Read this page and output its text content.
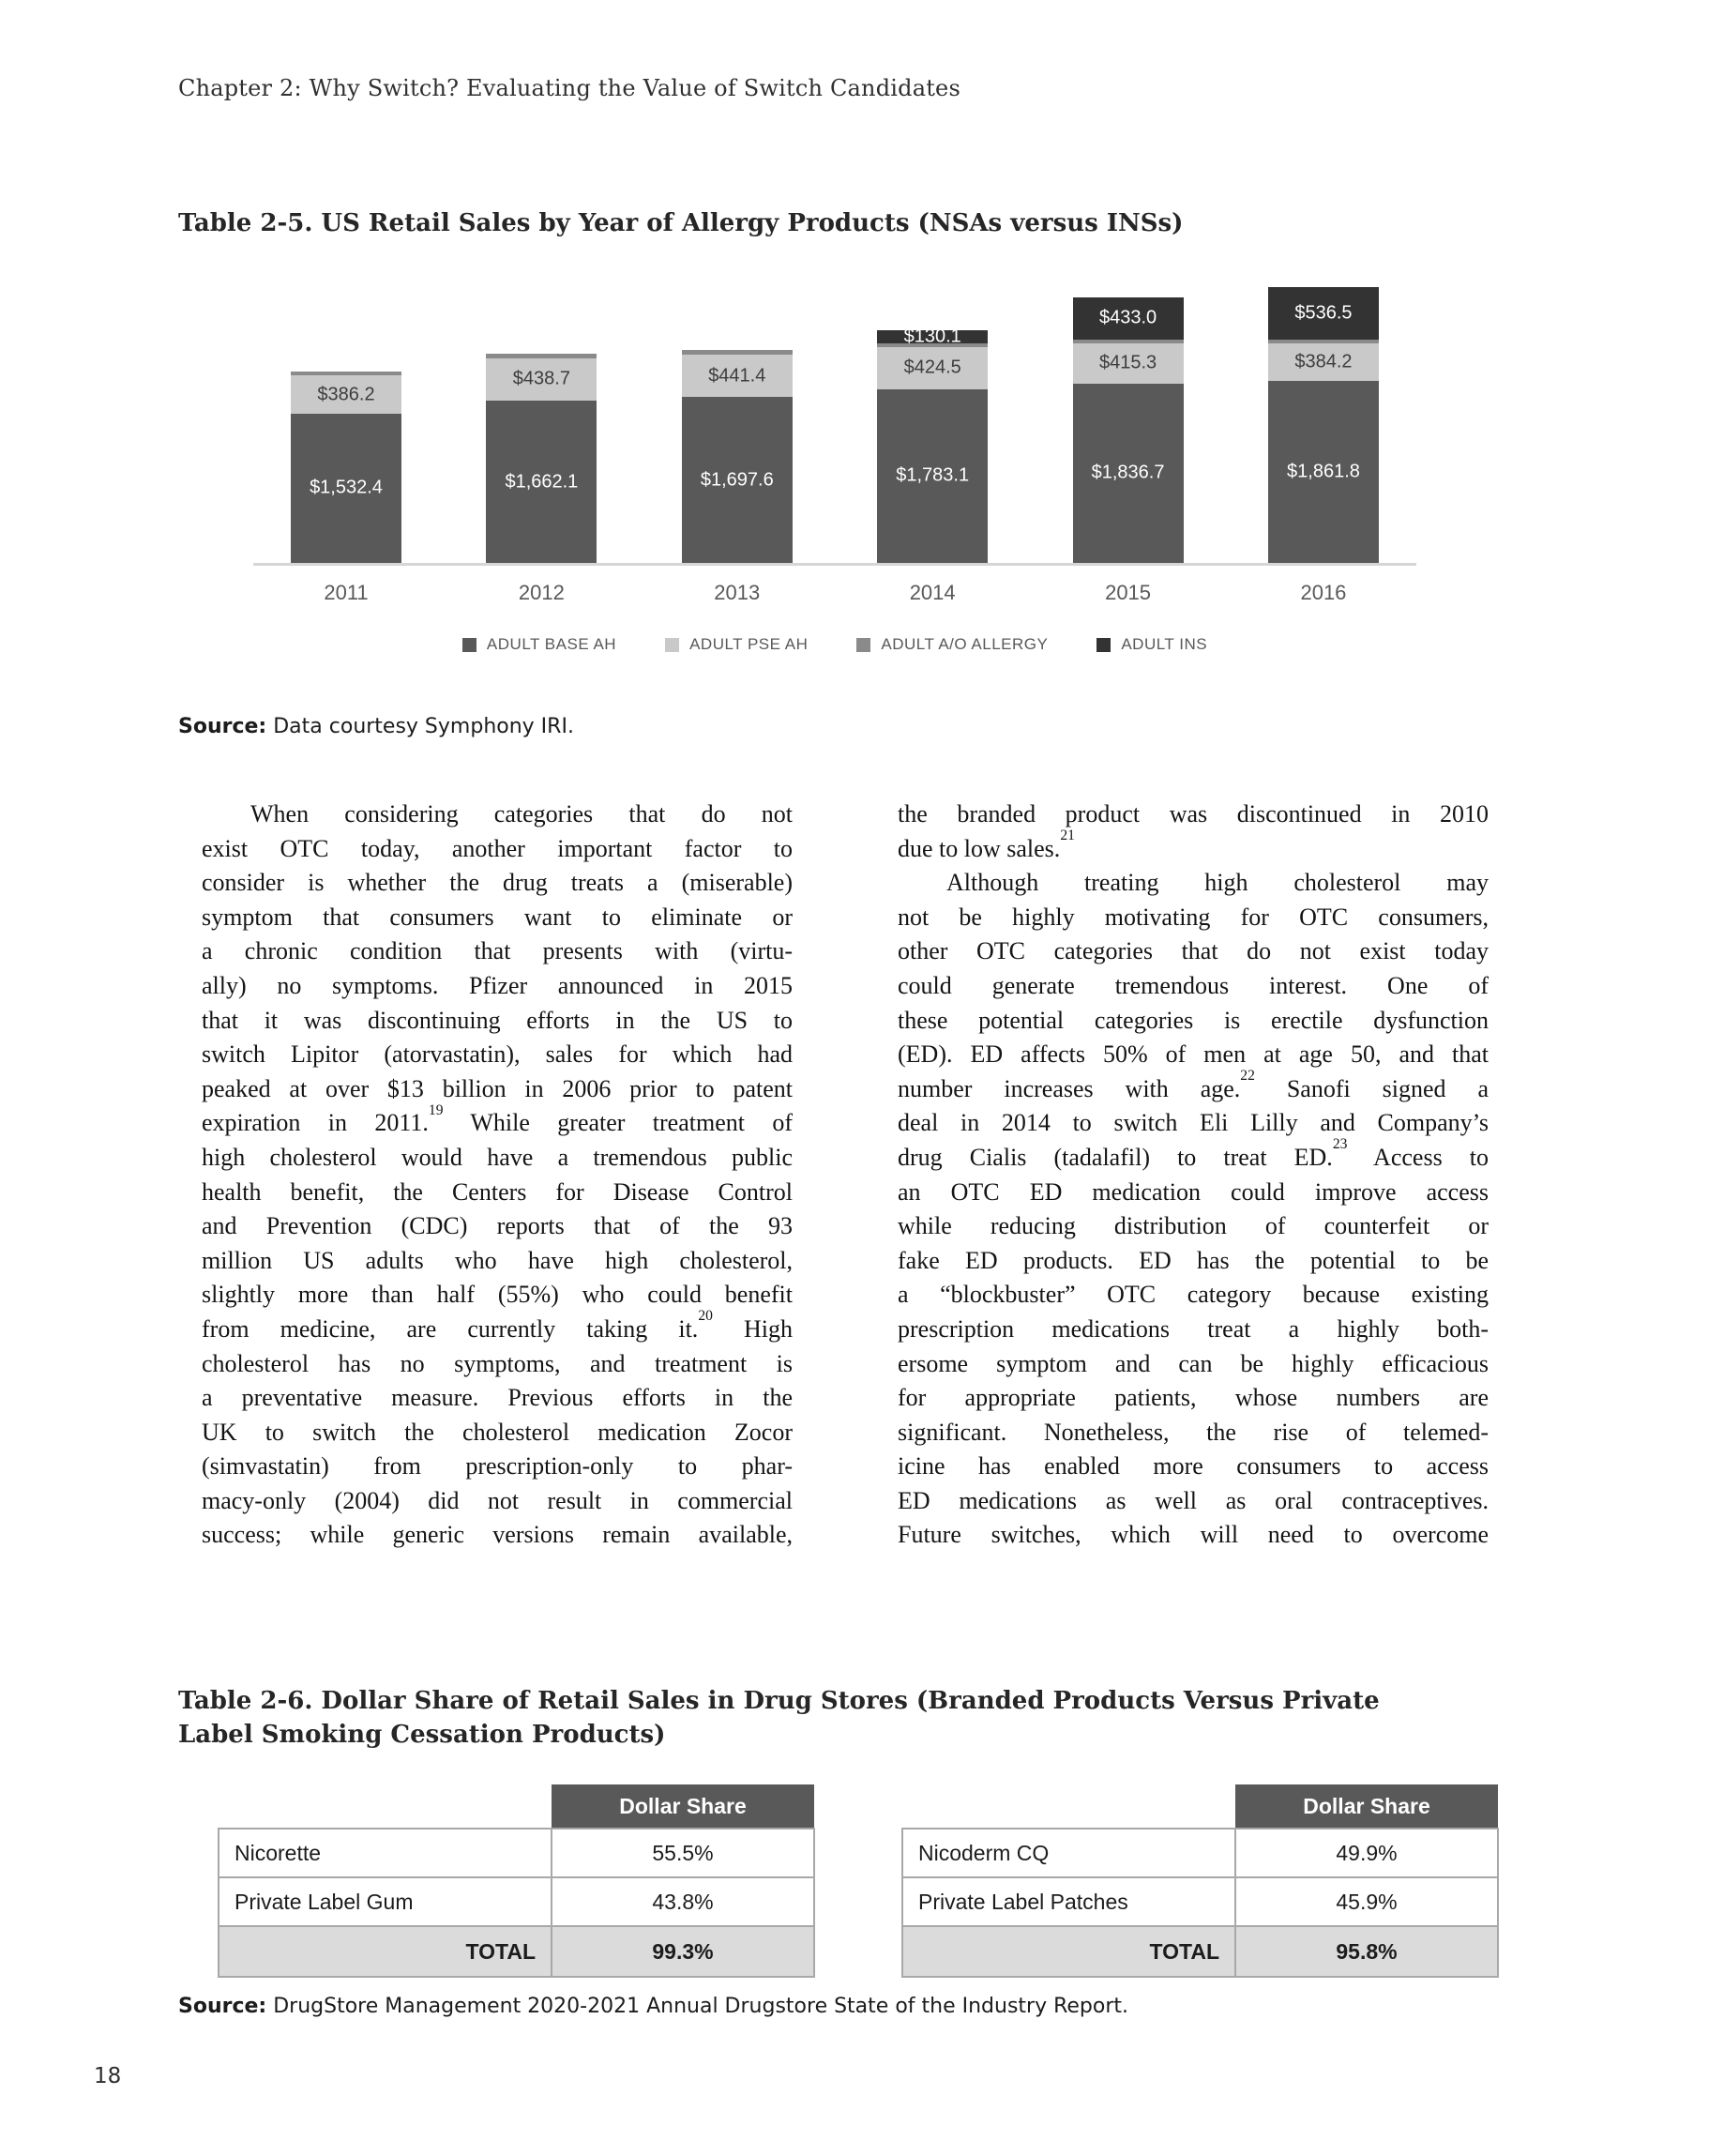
Chapter 2: Why Switch? Evaluating the Value of Switch Candidates
Table 2-5. US Retail Sales by Year of Allergy Products (NSAs versus INSs)
$1,532.4
$386.2
$1,662.1
$438.7
$1,697.6
$441.4
$1,783.1
$424.5
$130.1
$1,836.7
$415.3
$433.0
$1,861.8
$384.2
$536.5
2011	2012	2013	2014	2015	2016
ADULT BASE AH	ADULT PSE AH	ADULT A/O ALLERGY	ADULT INS
Source: Data courtesy Symphony IRI.
  When considering categories that do not
exist OTC today, another important factor to
consider is whether the drug treats a (miserable)
symptom that consumers want to eliminate or
a chronic condition that presents with (virtu-
ally) no symptoms. Pfizer announced in 2015
that it was discontinuing efforts in the US to
switch Lipitor (atorvastatin), sales for which had
peaked at over $13 billion in 2006 prior to patent
expiration in 2011.19 While greater treatment of
high cholesterol would have a tremendous public
health benefit, the Centers for Disease Control
and Prevention (CDC) reports that of the 93
million US adults who have high cholesterol,
slightly more than half (55%) who could benefit
from medicine, are currently taking it.$^{20}$ High
cholesterol has no symptoms, and treatment is
a preventative measure. Previous efforts in the
UK to switch the cholesterol medication Zocor
(simvastatin) from prescription-only to phar-
macy-only (2004) did not result in commercial
success; while generic versions remain available,
the branded product was discontinued in 2010
due to low sales.$^{21}$
  Although treating high cholesterol may
not be highly motivating for OTC consumers,
other OTC categories that do not exist today
could generate tremendous interest. One of
these potential categories is erectile dysfunction
(ED). ED affects 50% of men at age 50, and that
number increases with age.$^{22}$ Sanofi signed a
deal in 2014 to switch Eli Lilly and Company’s
drug Cialis (tadalafil) to treat ED.$^{23}$ Access to
an OTC ED medication could improve access
while reducing distribution of counterfeit or
fake ED products. ED has the potential to be
a “blockbuster” OTC category because existing
prescription medications treat a highly both-
ersome symptom and can be highly efficacious
for appropriate patients, whose numbers are
significant. Nonetheless, the rise of telemed-
icine has enabled more consumers to access
ED medications as well as oral contraceptives.
Future switches, which will need to overcome
Table 2-6. Dollar Share of Retail Sales in Drug Stores (Branded Products Versus Private Label Smoking Cessation Products)
	Dollar Share
Nicorette	55.5%
Private Label Gum	43.8%
TOTAL	99.3%
	Dollar Share
Nicoderm CQ	49.9%
Private Label Patches	45.9%
TOTAL	95.8%
Source: DrugStore Management 2020-2021 Annual Drugstore State of the Industry Report.
18
